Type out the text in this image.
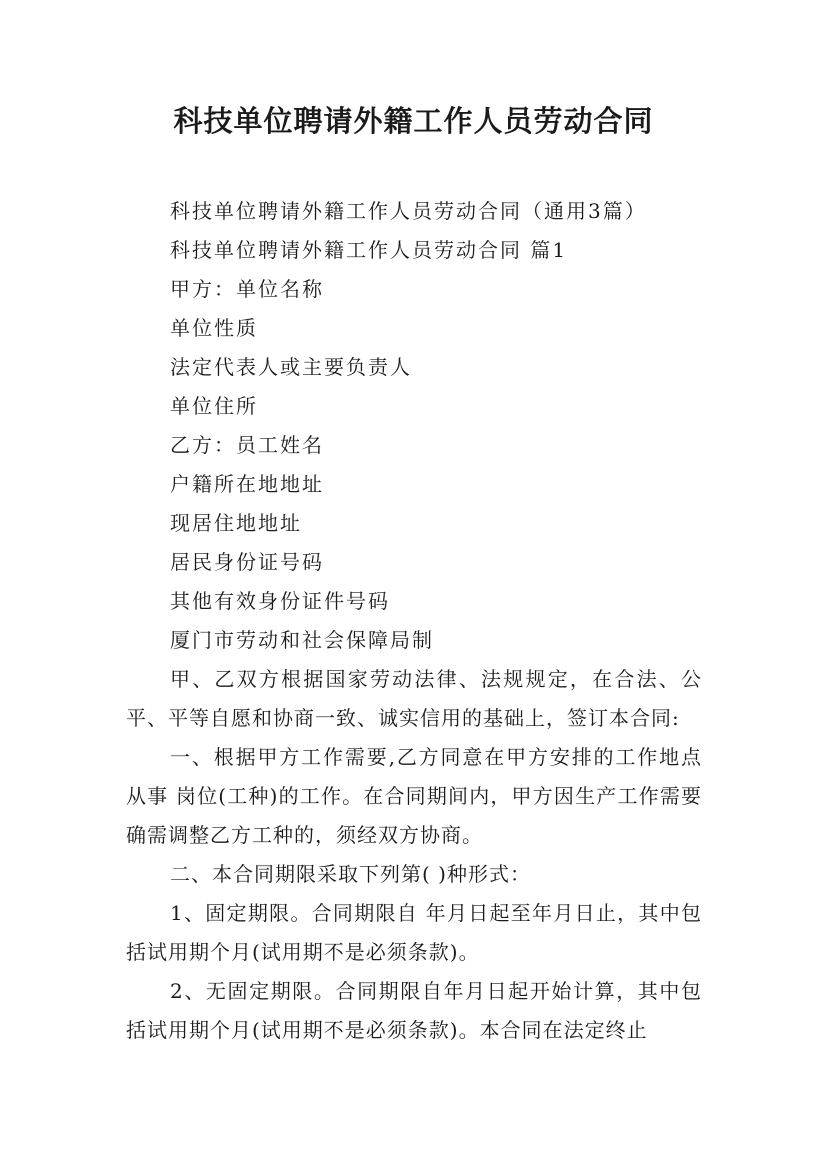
科技单位聘请外籍工作人员劳动合同

科技单位聘请外籍工作人员劳动合同（通用3篇）

科技单位聘请外籍工作人员劳动合同 篇1

甲方：单位名称

单位性质

法定代表人或主要负责人

单位住所

乙方：员工姓名

户籍所在地地址

现居住地地址

居民身份证号码

其他有效身份证件号码

厦门市劳动和社会保障局制

甲、乙双方根据国家劳动法律、法规规定，在合法、公平、平等自愿和协商一致、诚实信用的基础上，签订本合同:

一、根据甲方工作需要,乙方同意在甲方安排的工作地点 从事 岗位(工种)的工作。在合同期间内，甲方因生产工作需要确需调整乙方工种的，须经双方协商。

二、本合同期限采取下列第( )种形式：

1、固定期限。合同期限自 年月日起至年月日止，其中包括试用期个月(试用期不是必须条款)。

2、无固定期限。合同期限自年月日起开始计算，其中包括试用期个月(试用期不是必须条款)。本合同在法定终止
